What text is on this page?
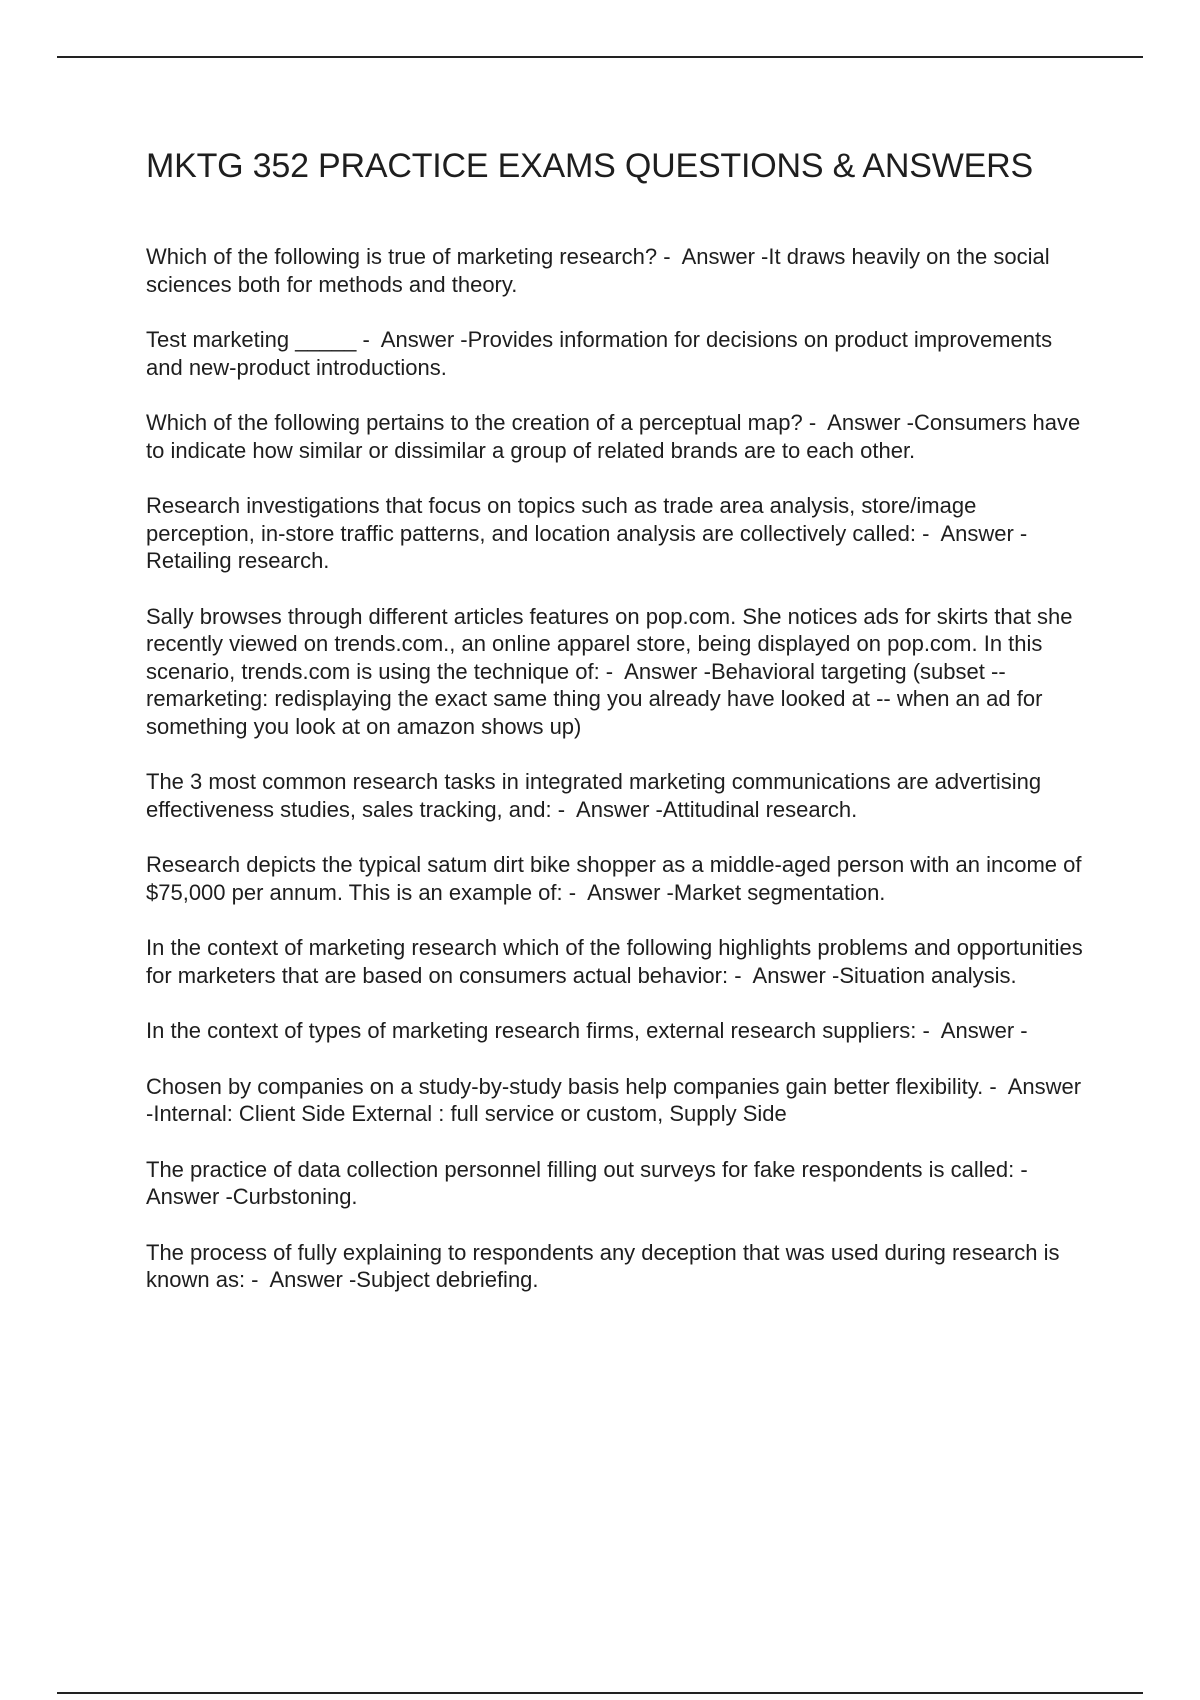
MKTG 352 PRACTICE EXAMS QUESTIONS & ANSWERS

Which of the following is true of marketing research? -  Answer -It draws heavily on the social sciences both for methods and theory.

Test marketing _____ -  Answer -Provides information for decisions on product improvements and new-product introductions.

Which of the following pertains to the creation of a perceptual map? -  Answer -Consumers have to indicate how similar or dissimilar a group of related brands are to each other.

Research investigations that focus on topics such as trade area analysis, store/image perception, in-store traffic patterns, and location analysis are collectively called: -  Answer -Retailing research.

Sally browses through different articles features on pop.com. She notices ads for skirts that she recently viewed on trends.com., an online apparel store, being displayed on pop.com. In this scenario, trends.com is using the technique of: -  Answer -Behavioral targeting (subset -- remarketing: redisplaying the exact same thing you already have looked at -- when an ad for something you look at on amazon shows up)

The 3 most common research tasks in integrated marketing communications are advertising effectiveness studies, sales tracking, and: -  Answer -Attitudinal research.

Research depicts the typical satum dirt bike shopper as a middle-aged person with an income of $75,000 per annum. This is an example of: -  Answer -Market segmentation.

In the context of marketing research which of the following highlights problems and opportunities for marketers that are based on consumers actual behavior: -  Answer -Situation analysis.

In the context of types of marketing research firms, external research suppliers: -  Answer -

Chosen by companies on a study-by-study basis help companies gain better flexibility. -  Answer -Internal: Client Side External : full service or custom, Supply Side

The practice of data collection personnel filling out surveys for fake respondents is called: -  Answer -Curbstoning.

The process of fully explaining to respondents any deception that was used during research is known as: -  Answer -Subject debriefing.
